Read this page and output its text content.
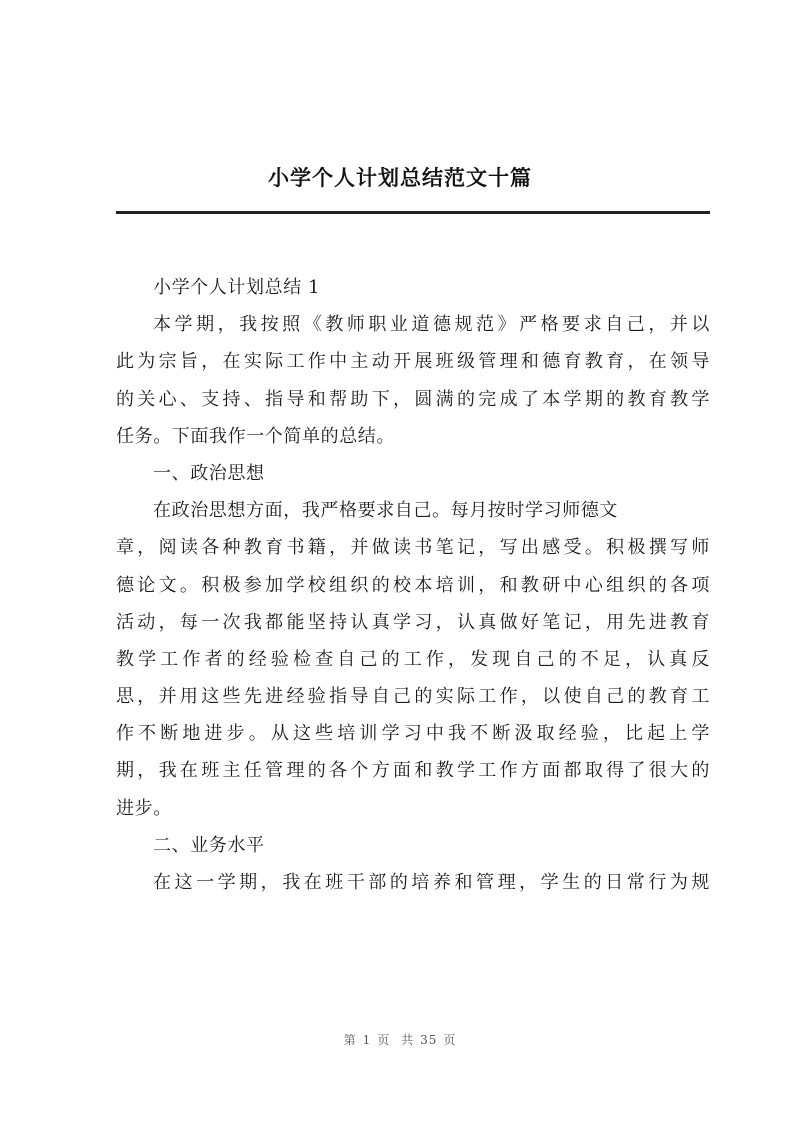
小学个人计划总结范文十篇
小学个人计划总结 1
本学期，我按照《教师职业道德规范》严格要求自己，并以
此为宗旨，在实际工作中主动开展班级管理和德育教育，在领导
的关心、支持、指导和帮助下，圆满的完成了本学期的教育教学
任务。下面我作一个简单的总结。
一、政治思想
在政治思想方面，我严格要求自己。每月按时学习师德文
章，阅读各种教育书籍，并做读书笔记，写出感受。积极撰写师
德论文。积极参加学校组织的校本培训，和教研中心组织的各项
活动，每一次我都能坚持认真学习，认真做好笔记，用先进教育
教学工作者的经验检查自己的工作，发现自己的不足，认真反
思，并用这些先进经验指导自己的实际工作，以使自己的教育工
作不断地进步。从这些培训学习中我不断汲取经验，比起上学
期，我在班主任管理的各个方面和教学工作方面都取得了很大的
进步。
二、业务水平
在这一学期，我在班干部的培养和管理，学生的日常行为规
第 1 页 共 35 页
